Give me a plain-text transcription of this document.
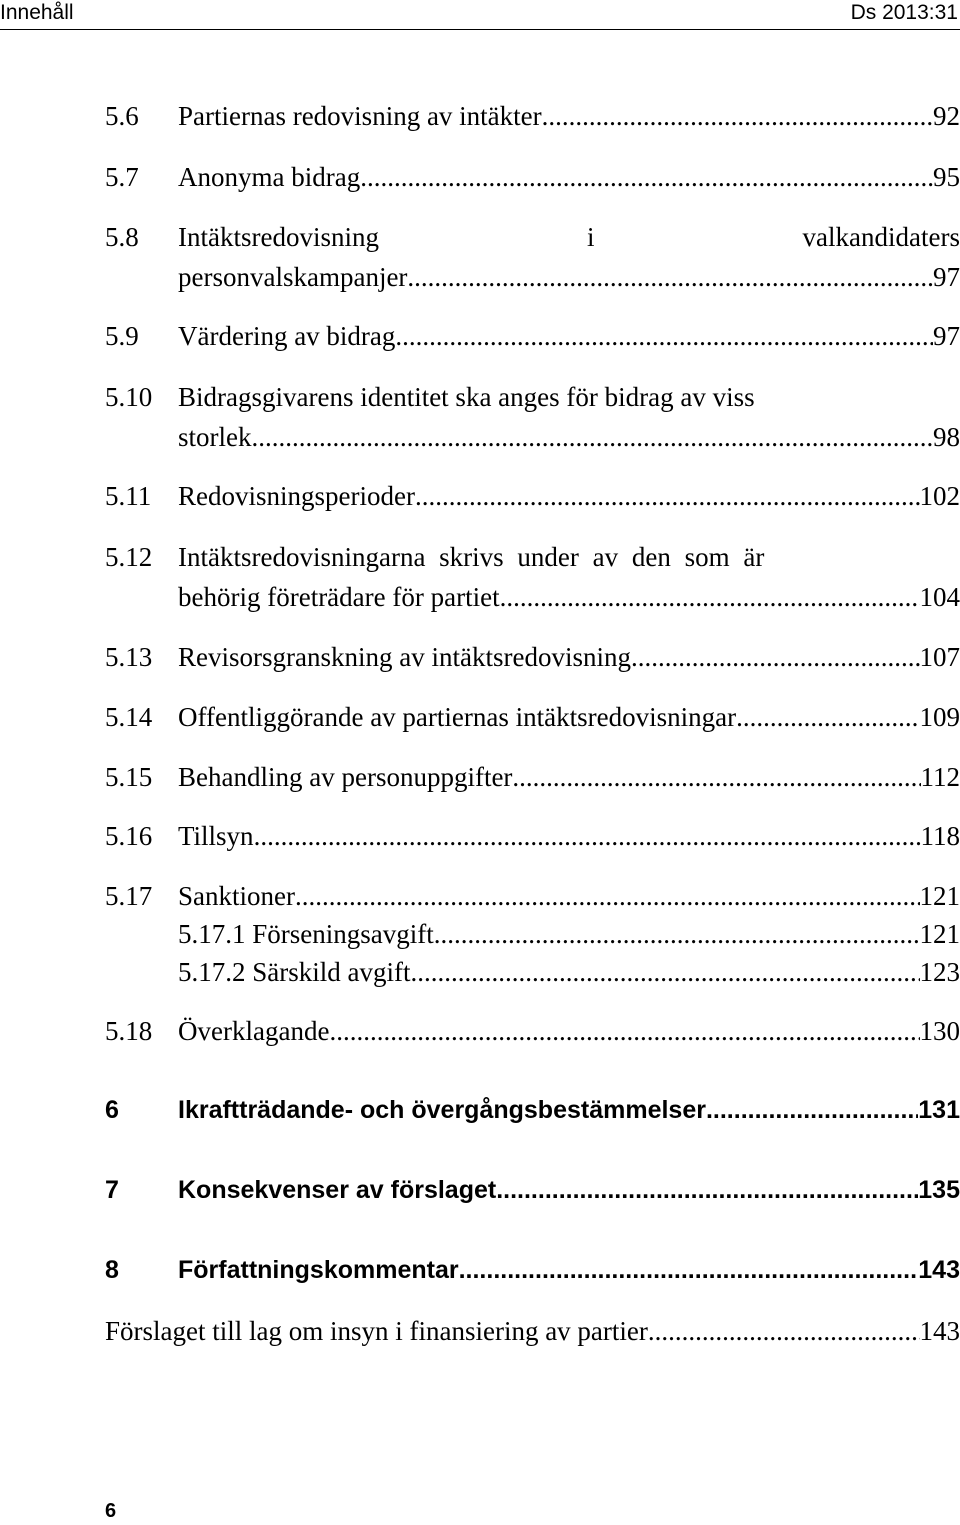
Innehåll	Ds 2013:31
5.6	Partiernas redovisning av intäkter .....	92
5.7	Anonyma bidrag .....	95
5.8	Intäktsredovisning	i	valkandidaters
personvalskampanjer .....	97
5.9	Värdering av bidrag .....	97
5.10 Bidragsgivarens identitet ska anges för bidrag av viss
storlek .....	98
5.11 Redovisningsperioder .....	102
5.12 Intäktsredovisningarna skrivs under av den som är
behörig företrädare för partiet .....	104
5.13 Revisorsgranskning av intäktsredovisning .....	107
5.14 Offentliggörande av partiernas intäktsredovisningar .....	109
5.15 Behandling av personuppgifter .....	112
5.16 Tillsyn .....	118
5.17 Sanktioner .....	121
5.17.1 Förseningsavgift .....	121
5.17.2 Särskild avgift .....	123
5.18 Överklagande .....	130
6	Ikraftträdande- och övergångsbestämmelser .....	131
7	Konsekvenser av förslaget .....	135
8	Författningskommentar .....	143
Förslaget till lag om insyn i finansiering av partier .....	143
6
